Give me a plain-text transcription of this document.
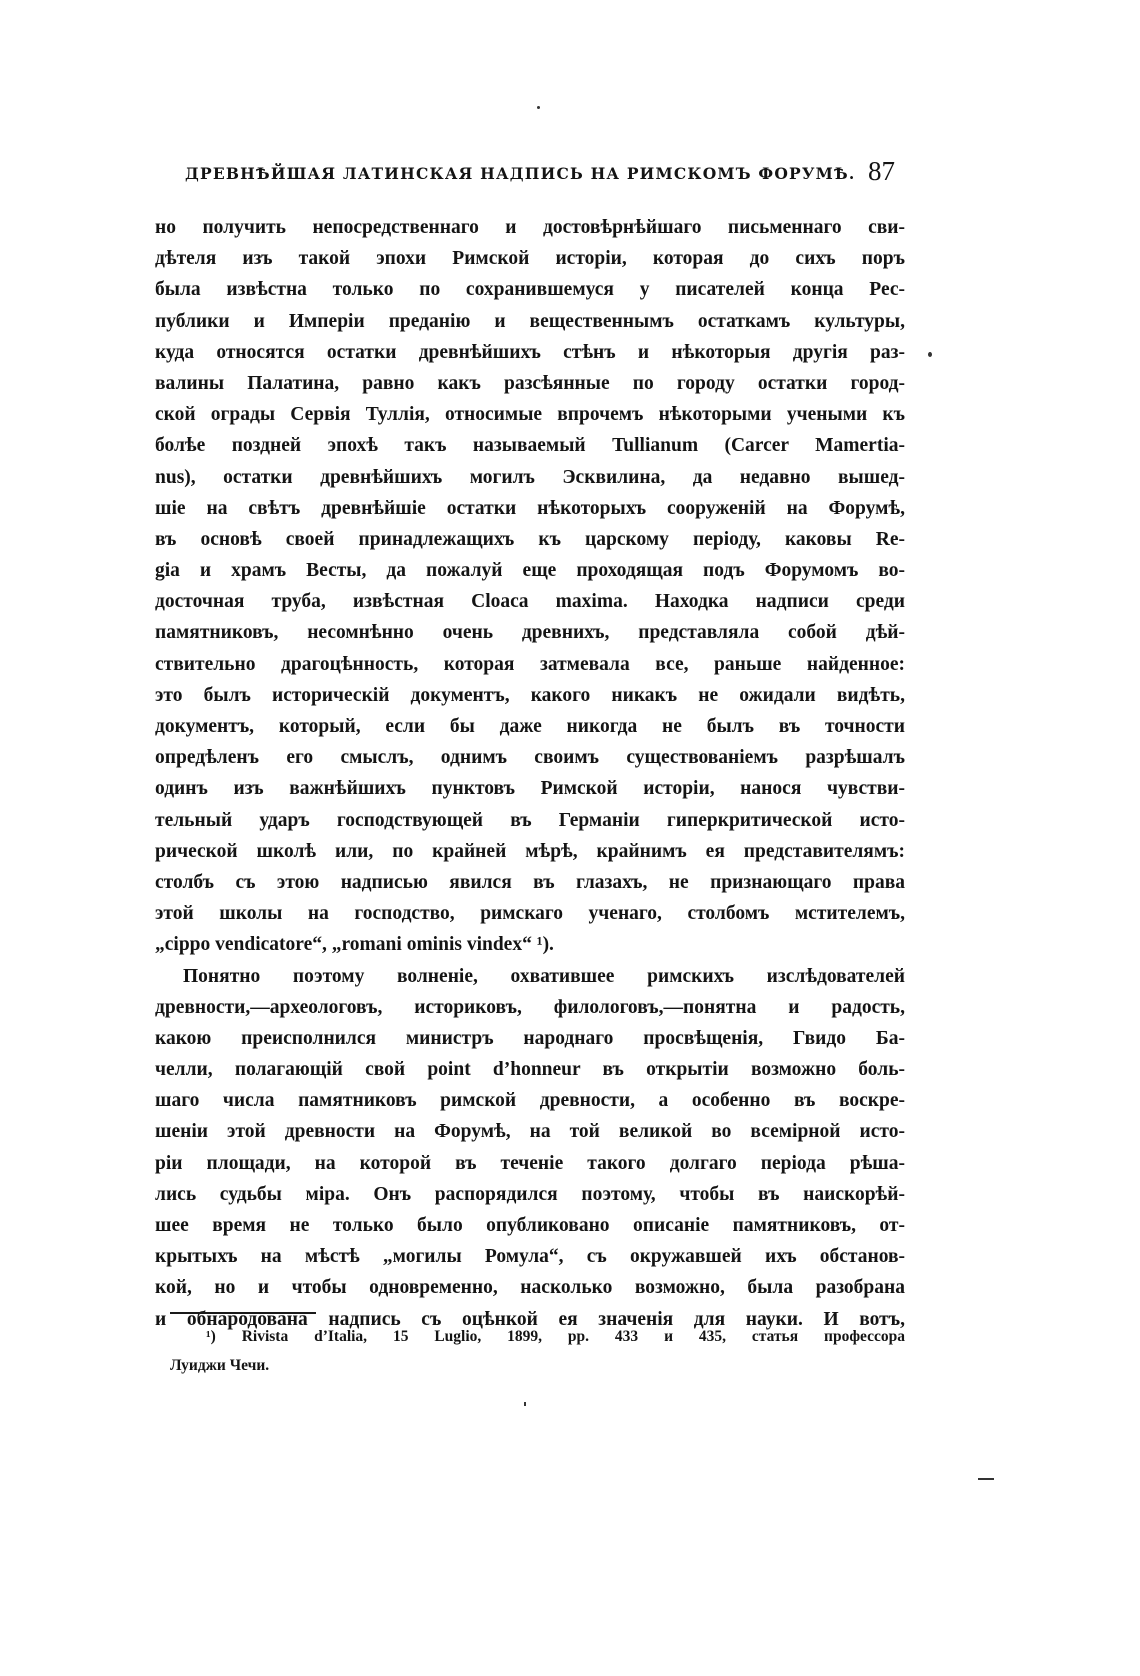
ДРЕВНѢЙШАЯ ЛАТИНСКАЯ НАДПИСЬ НА РИМСКОМЪ ФОРУМѢ. 87
но получить непосредственнаго и достовѣрнѣйшаго письменнаго сви-
дѣтеля изъ такой эпохи Римской исторіи, которая до сихъ поръ
была извѣстна только по сохранившемуся у писателей конца Рес-
публики и Имперіи преданію и вещественнымъ остаткамъ культуры,
куда относятся остатки древнѣйшихъ стѣнъ и нѣкоторыя другія раз-
валины Палатина, равно какъ разсѣянные по городу остатки город-
ской ограды Сервія Туллія, относимые впрочемъ нѣкоторыми учеными къ
болѣе поздней эпохѣ такъ называемый Tullianum (Carcer Mamertia-
nus), остатки древнѣйшихъ могилъ Эсквилина, да недавно вышед-
шіе на свѣтъ древнѣйшіе остатки нѣкоторыхъ сооруженій на Форумѣ,
въ основѣ своей принадлежащихъ къ царскому періоду, каковы Re-
gia и храмъ Весты, да пожалуй еще проходящая подъ Форумомъ во-
досточная труба, извѣстная Cloaca maxima. Находка надписи среди
памятниковъ, несомнѣнно очень древнихъ, представляла собой дѣй-
ствительно драгоцѣнность, которая затмевала все, раньше найденное:
это былъ историческій документъ, какого никакъ не ожидали видѣть,
документъ, который, если бы даже никогда не былъ въ точности
опредѣленъ его смыслъ, однимъ своимъ существованіемъ разрѣшалъ
одинъ изъ важнѣйшихъ пунктовъ Римской исторіи, нанося чувстви-
тельный ударъ господствующей въ Германіи гиперкритической исто-
рической школѣ или, по крайней мѣрѣ, крайнимъ ея представителямъ:
столбъ съ этою надписью явился въ глазахъ, не признающаго права
этой школы на господство, римскаго ученаго, столбомъ мстителемъ,
„cippo vendicatore“, „romani ominis vindex“ ¹).
Понятно поэтому волненіе, охватившее римскихъ изслѣдователей
древности,—археологовъ, историковъ, филологовъ,—понятна и радость,
какою преисполнился министръ народнаго просвѣщенія, Гвидо Ба-
челли, полагающій свой point d’honneur въ открытіи возможно боль-
шаго числа памятниковъ римской древности, а особенно въ воскре-
шеніи этой древности на Форумѣ, на той великой во всемірной исто-
ріи площади, на которой въ теченіе такого долгаго періода рѣша-
лись судьбы міра. Онъ распорядился поэтому, чтобы въ наискорѣй-
шее время не только было опубликовано описаніе памятниковъ, от-
крытыхъ на мѣстѣ „могилы Ромула“, съ окружавшей ихъ обстанов-
кой, но и чтобы одновременно, насколько возможно, была разобрана
и обнародована надпись съ оцѣнкой ея значенія для науки. И вотъ,
¹) Rivista d’Italia, 15 Luglio, 1899, pp. 433 и 435, статья профессора
Луиджи Чечи.
